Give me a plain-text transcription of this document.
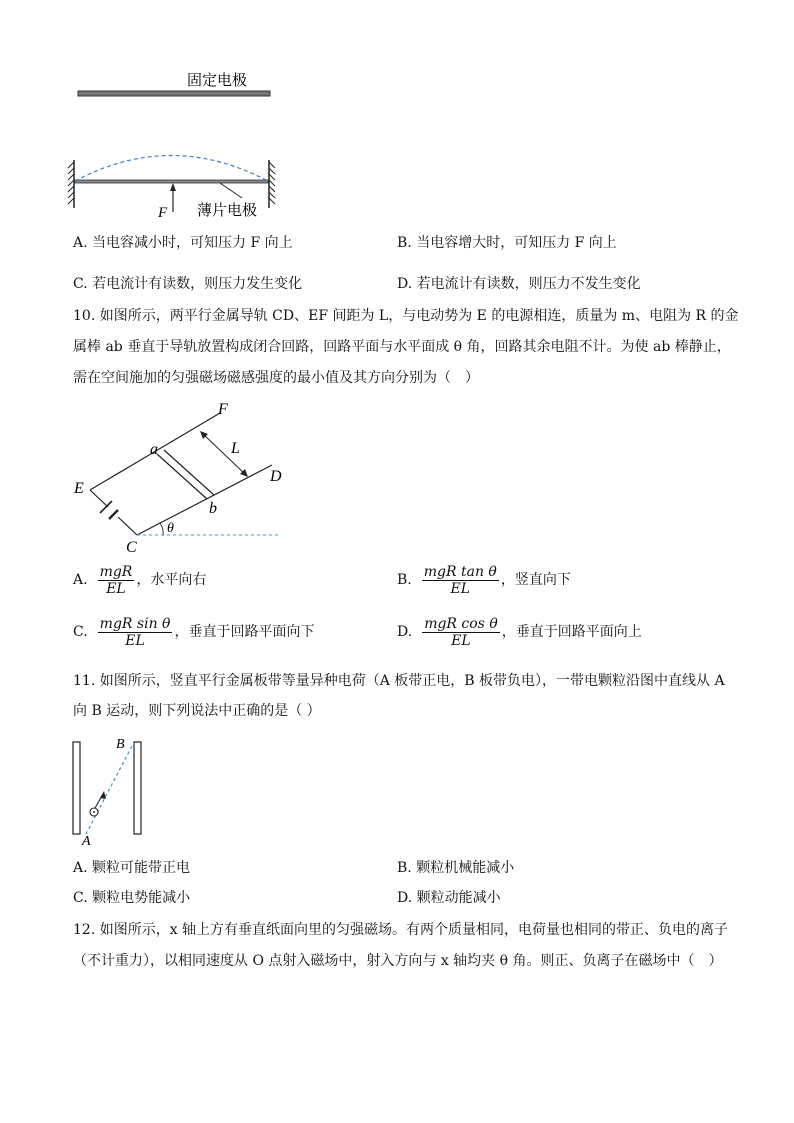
固定电极
F 薄片电极
A. 当电容减小时，可知压力 F 向上	B. 当电容增大时，可知压力 F 向上
C. 若电流计有读数，则压力发生变化	D. 若电流计有读数，则压力不发生变化
10. 如图所示，两平行金属导轨 CD、EF 间距为 L，与电动势为 E 的电源相连，质量为 m、电阻为 R 的金
属棒 ab 垂直于导轨放置构成闭合回路，回路平面与水平面成 θ 角，回路其余电阻不计。为使 ab 棒静止，
需在空间施加的匀强磁场磁感强度的最小值及其方向分别为（　）
F
a	L
D
E
b
θ
C
A. $\frac{\text{mgR}}{EL}$ ，水平向右	B. $\frac{\text{mgR tan θ}}{EL}$ ，竖直向下
C. $\frac{\text{mgR sin θ}}{EL}$ ，垂直于回路平面向下	D. $\frac{\text{mgR cos θ}}{EL}$ ，垂直于回路平面向上
11. 如图所示，竖直平行金属板带等量异种电荷（A 板带正电，B 板带负电），一带电颗粒沿图中直线从 A
向 B 运动，则下列说法中正确的是（ ）
B
A
A. 颗粒可能带正电	B. 颗粒机械能减小
C. 颗粒电势能减小	D. 颗粒动能减小
12. 如图所示，x 轴上方有垂直纸面向里的匀强磁场。有两个质量相同，电荷量也相同的带正、负电的离子
（不计重力），以相同速度从 O 点射入磁场中，射入方向与 x 轴均夹 θ 角。则正、负离子在磁场中（　）
